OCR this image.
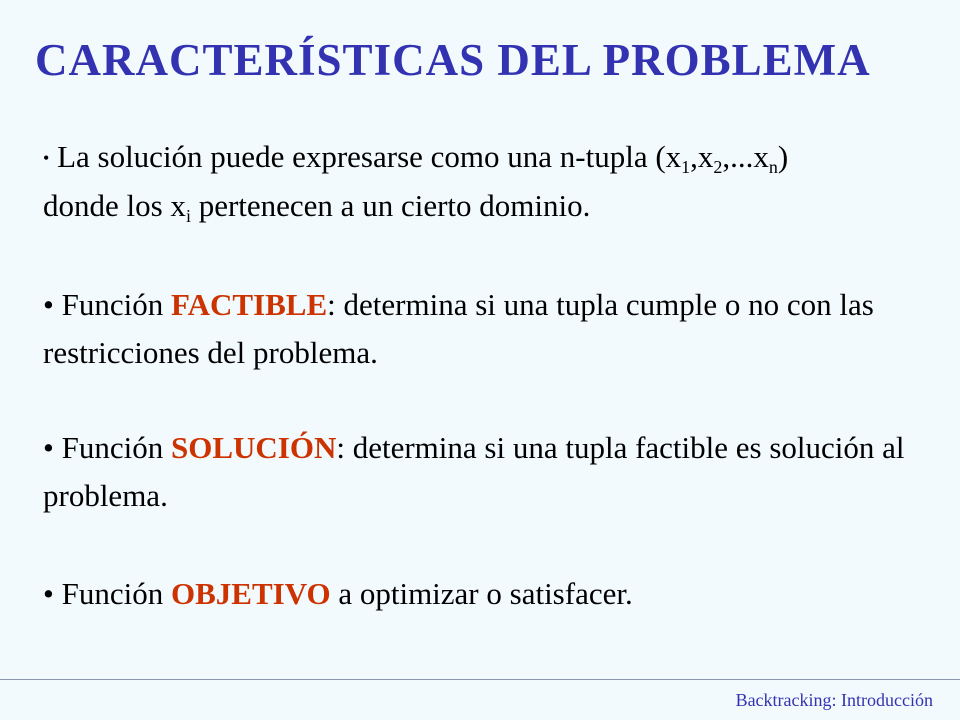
CARACTERÍSTICAS DEL PROBLEMA

• La solución puede expresarse como una n-tupla $(x_1,x_2,...x_n)$
donde los $x_i$ pertenecen a un cierto dominio.

• Función FACTIBLE: determina si una tupla cumple o no con las restricciones del problema.

• Función SOLUCIÓN: determina si una tupla factible es solución al problema.

• Función OBJETIVO a optimizar o satisfacer.

Backtracking: Introducción
